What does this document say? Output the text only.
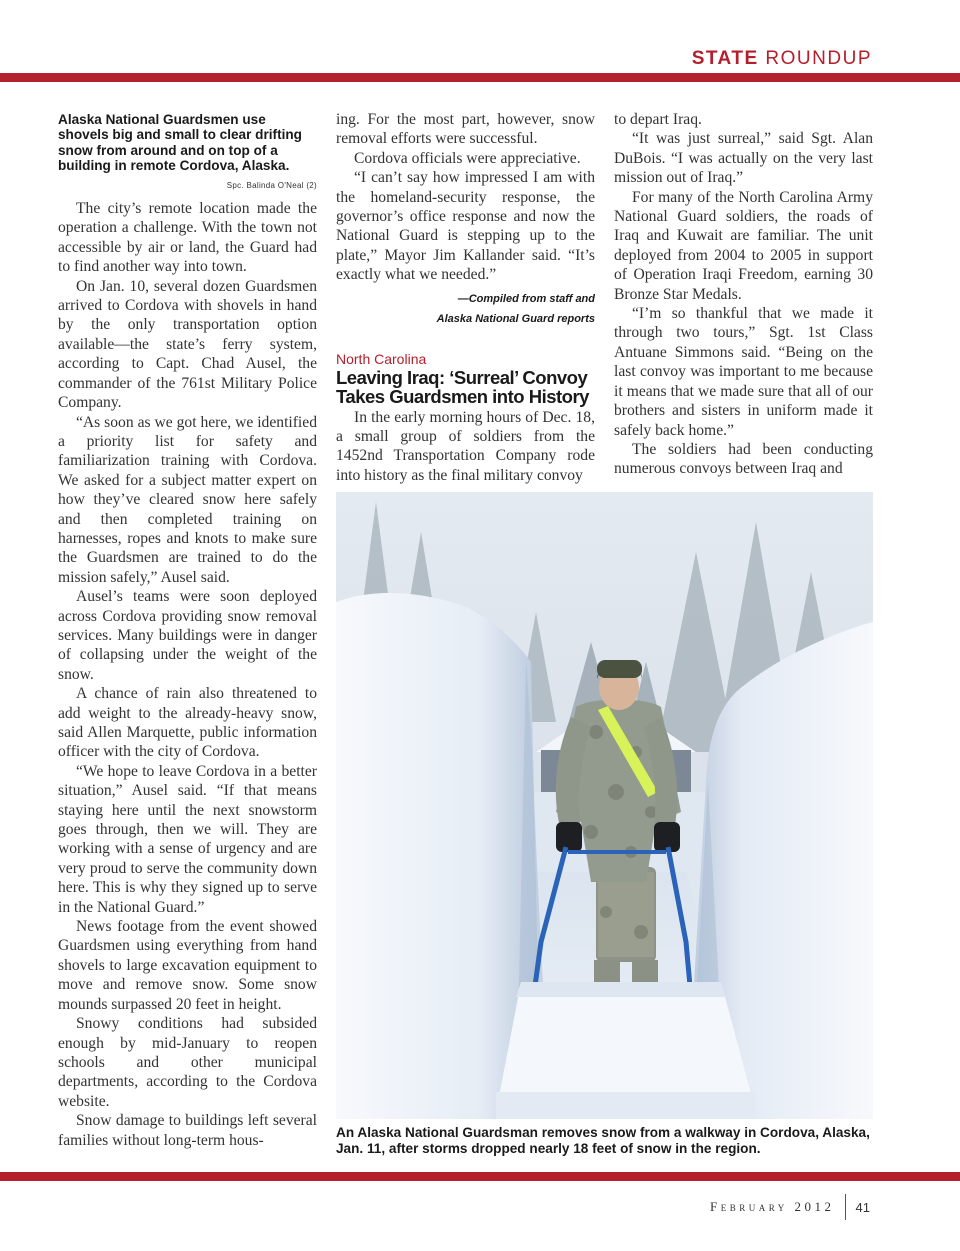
STATE ROUNDUP
Alaska National Guardsmen use shovels big and small to clear drifting snow from around and on top of a building in remote Cordova, Alaska.
Spc. Balinda O'Neal (2)

The city’s remote location made the operation a challenge. With the town not accessible by air or land, the Guard had to find another way into town.

On Jan. 10, several dozen Guardsmen arrived to Cordova with shovels in hand by the only transportation option available—the state’s ferry system, according to Capt. Chad Ausel, the commander of the 761st Military Police Company.

“As soon as we got here, we identified a priority list for safety and familiarization training with Cordova. We asked for a subject matter expert on how they’ve cleared snow here safely and then completed training on harnesses, ropes and knots to make sure the Guardsmen are trained to do the mission safely,” Ausel said.

Ausel’s teams were soon deployed across Cordova providing snow removal services. Many buildings were in danger of collapsing under the weight of the snow.

A chance of rain also threatened to add weight to the already-heavy snow, said Allen Marquette, public information officer with the city of Cordova.

“We hope to leave Cordova in a better situation,” Ausel said. “If that means staying here until the next snowstorm goes through, then we will. They are working with a sense of urgency and are very proud to serve the community down here. This is why they signed up to serve in the National Guard.”

News footage from the event showed Guardsmen using everything from hand shovels to large excavation equipment to move and remove snow. Some snow mounds surpassed 20 feet in height.

Snowy conditions had subsided enough by mid-January to reopen schools and other municipal departments, according to the Cordova website.

Snow damage to buildings left several families without long-term hous-

ing. For the most part, however, snow removal efforts were successful.

Cordova officials were appreciative.

“I can’t say how impressed I am with the homeland-security response, the governor’s office response and now the National Guard is stepping up to the plate,” Mayor Jim Kallander said. “It’s exactly what we needed.”

—Compiled from staff and
Alaska National Guard reports
North Carolina
Leaving Iraq: ‘Surreal’ Convoy Takes Guardsmen into History

In the early morning hours of Dec. 18, a small group of soldiers from the 1452nd Transportation Company rode into history as the final military convoy

to depart Iraq.

“It was just surreal,” said Sgt. Alan DuBois. “I was actually on the very last mission out of Iraq.”

For many of the North Carolina Army National Guard soldiers, the roads of Iraq and Kuwait are familiar. The unit deployed from 2004 to 2005 in support of Operation Iraqi Freedom, earning 30 Bronze Star Medals.

“I’m so thankful that we made it through two tours,” Sgt. 1st Class Antuane Simmons said. “Being on the last convoy was important to me because it means that we made sure that all of our brothers and sisters in uniform made it safely back home.”

The soldiers had been conducting numerous convoys between Iraq and

An Alaska National Guardsman removes snow from a walkway in Cordova, Alaska, Jan. 11, after storms dropped nearly 18 feet of snow in the region.
February 2012 41
